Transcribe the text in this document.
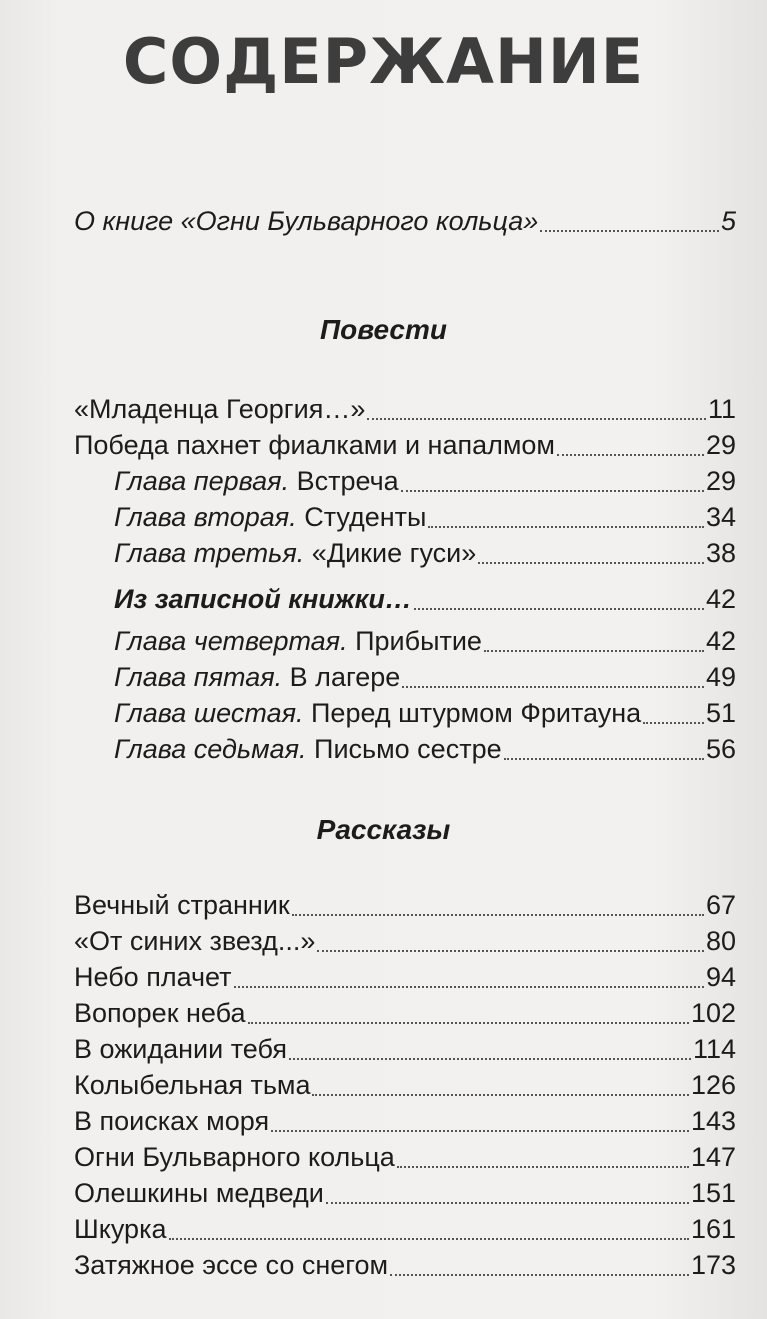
СОДЕРЖАНИЕ
О книге «Огни Бульварного кольца»	5
Повести
«Младенца Георгия…»	11
Победа пахнет фиалками и напалмом	29
Глава первая. Встреча	29
Глава вторая. Студенты	34
Глава третья. «Дикие гуси»	38
Из записной книжки…	42
Глава четвертая. Прибытие	42
Глава пятая. В лагере	49
Глава шестая. Перед штурмом Фритауна 51
Глава седьмая. Письмо сестре	56
Рассказы
Вечный странник	67
«От синих звезд...»	80
Небо плачет	94
Вопорек неба	102
В ожидании тебя	114
Колыбельная тьма	126
В поисках моря	143
Огни Бульварного кольца	147
Олешкины медведи	151
Шкурка	161
Затяжное эссе со снегом	173
